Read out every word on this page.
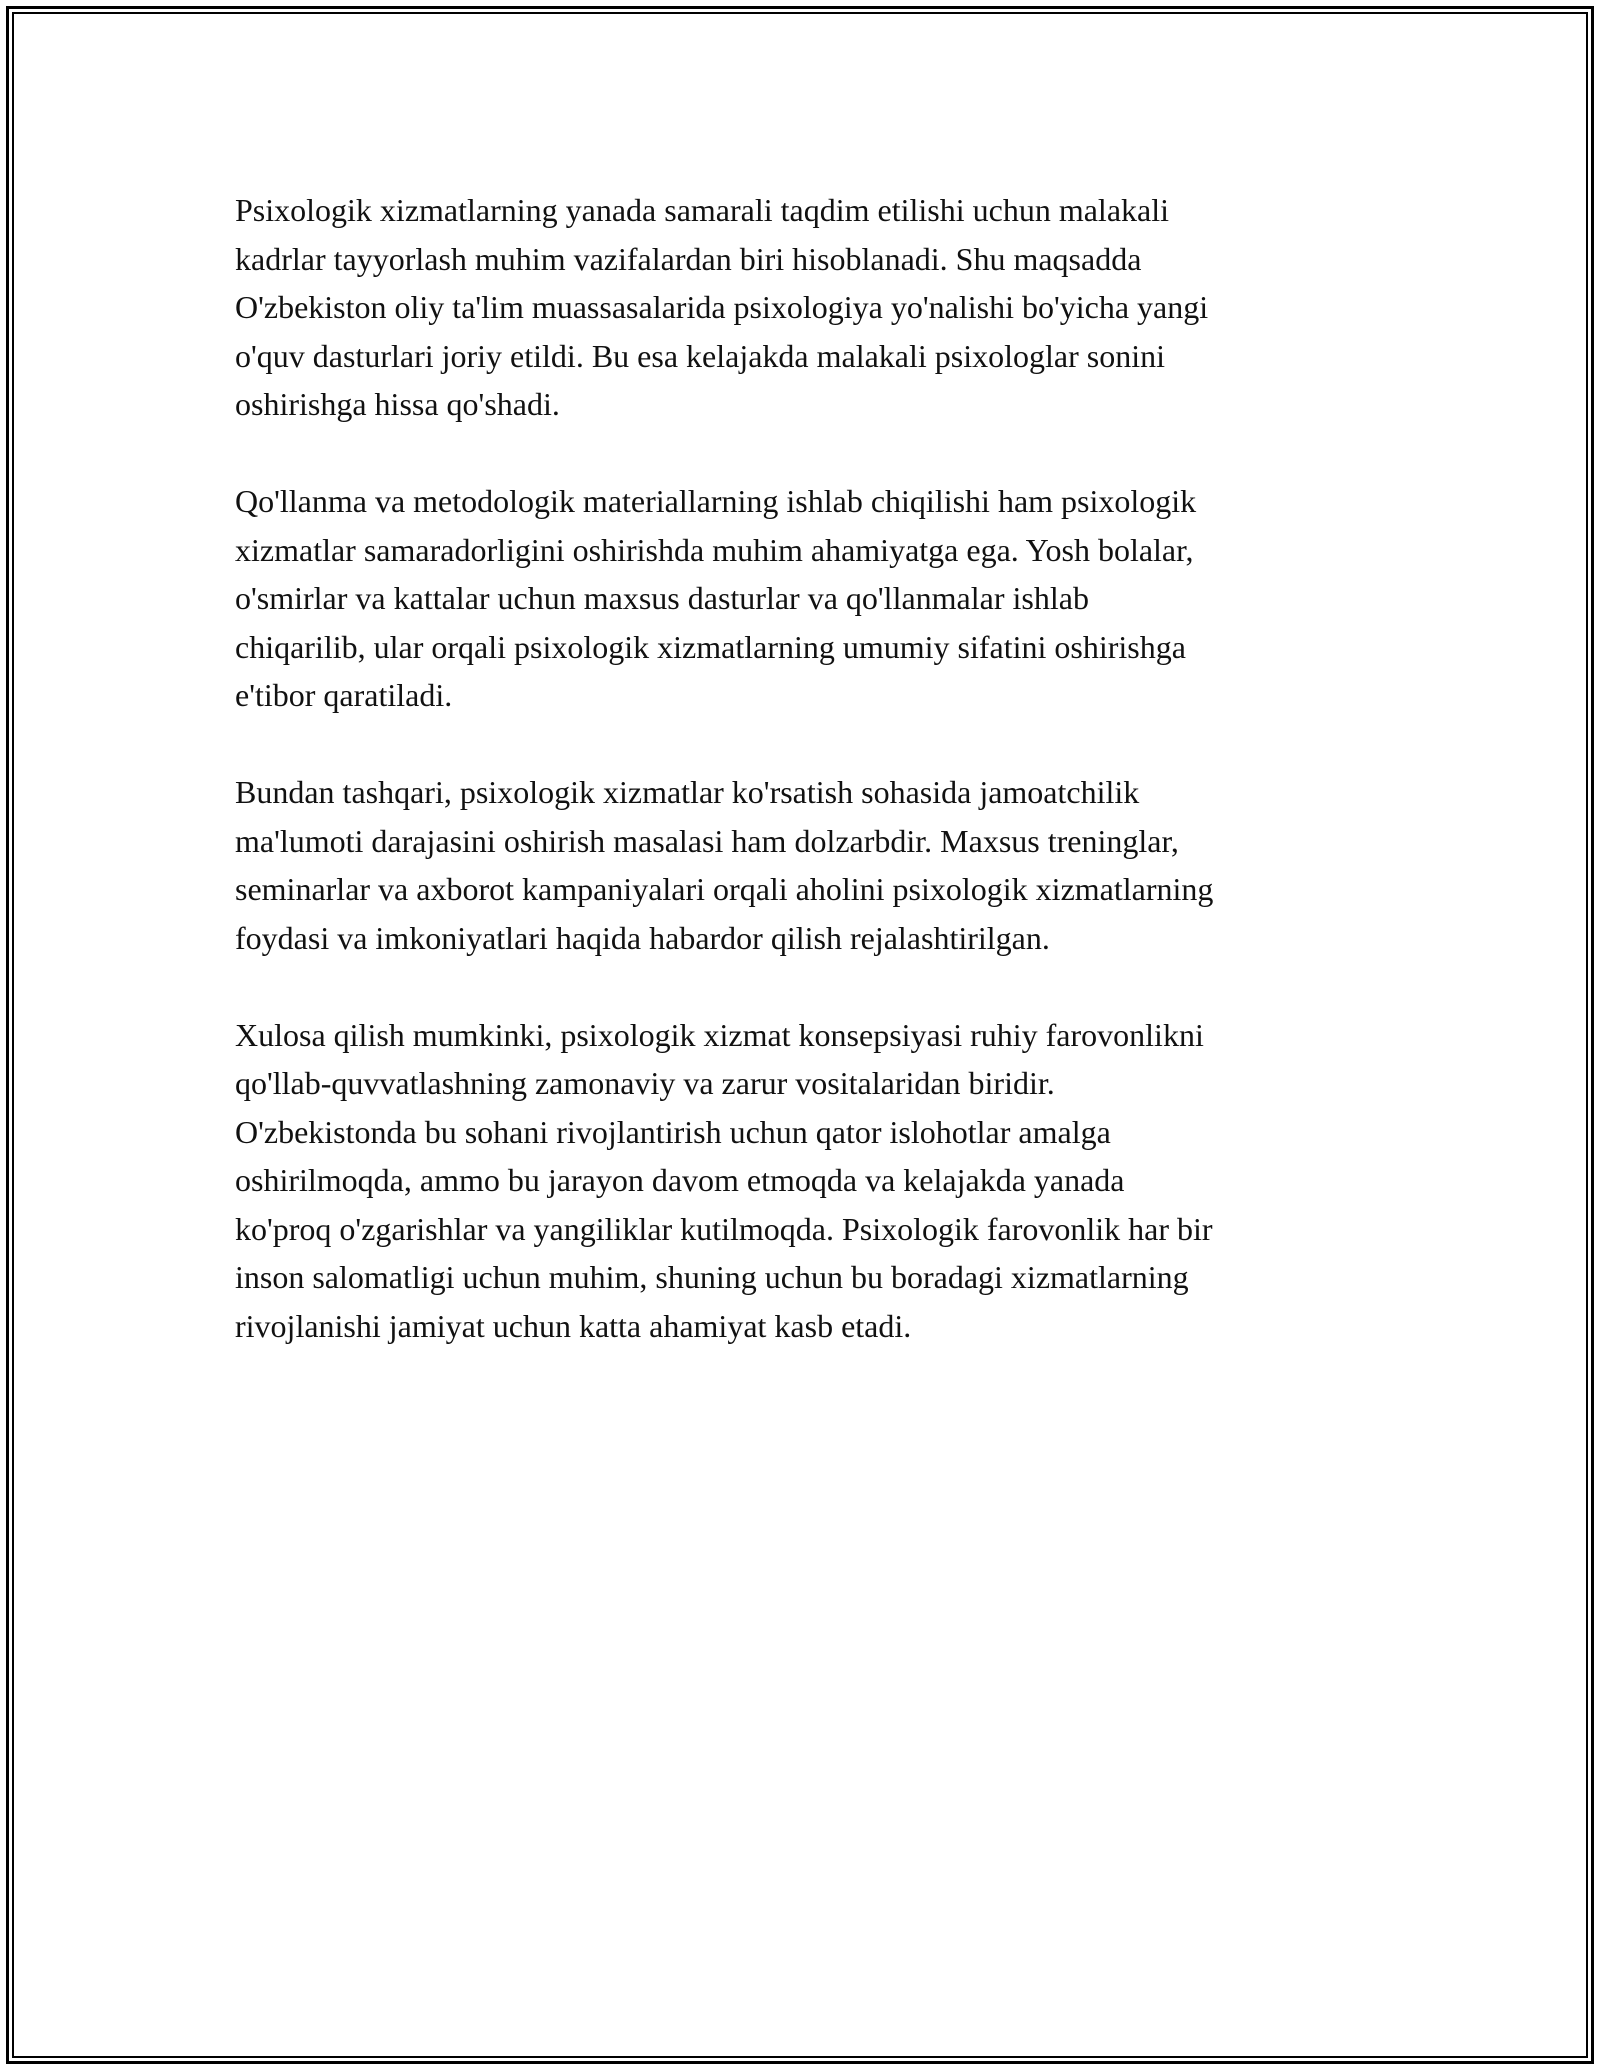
Psixologik xizmatlarning yanada samarali taqdim etilishi uchun malakali
kadrlar tayyorlash muhim vazifalardan biri hisoblanadi. Shu maqsadda
O'zbekiston oliy ta'lim muassasalarida psixologiya yo'nalishi bo'yicha yangi
o'quv dasturlari joriy etildi. Bu esa kelajakda malakali psixologlar sonini
oshirishga hissa qo'shadi.

Qo'llanma va metodologik materiallarning ishlab chiqilishi ham psixologik
xizmatlar samaradorligini oshirishda muhim ahamiyatga ega. Yosh bolalar,
o'smirlar va kattalar uchun maxsus dasturlar va qo'llanmalar ishlab
chiqarilib, ular orqali psixologik xizmatlarning umumiy sifatini oshirishga
e'tibor qaratiladi.

Bundan tashqari, psixologik xizmatlar ko'rsatish sohasida jamoatchilik
ma'lumoti darajasini oshirish masalasi ham dolzarbdir. Maxsus treninglar,
seminarlar va axborot kampaniyalari orqali aholini psixologik xizmatlarning
foydasi va imkoniyatlari haqida habardor qilish rejalashtirilgan.

Xulosa qilish mumkinki, psixologik xizmat konsepsiyasi ruhiy farovonlikni
qo'llab-quvvatlashning zamonaviy va zarur vositalaridan biridir.
O'zbekistonda bu sohani rivojlantirish uchun qator islohotlar amalga
oshirilmoqda, ammo bu jarayon davom etmoqda va kelajakda yanada
ko'proq o'zgarishlar va yangiliklar kutilmoqda. Psixologik farovonlik har bir
inson salomatligi uchun muhim, shuning uchun bu boradagi xizmatlarning
rivojlanishi jamiyat uchun katta ahamiyat kasb etadi.
